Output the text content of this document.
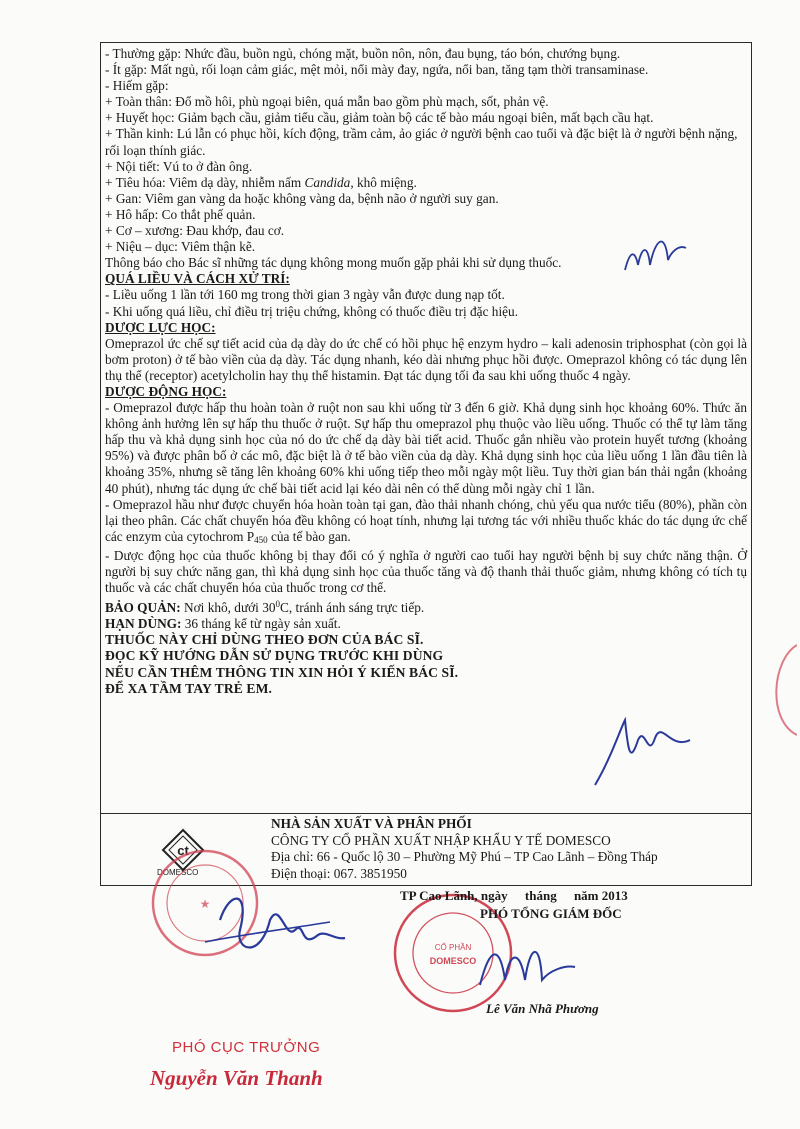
- Thường gặp: Nhức đầu, buồn ngủ, chóng mặt, buồn nôn, nôn, đau bụng, táo bón, chướng bụng.

- Ít gặp: Mất ngủ, rối loạn cảm giác, mệt mỏi, nổi mày đay, ngứa, nổi ban, tăng tạm thời transaminase.

- Hiếm gặp:

+ Toàn thân: Đổ mồ hôi, phù ngoại biên, quá mẫn bao gồm phù mạch, sốt, phản vệ.

+ Huyết học: Giảm bạch cầu, giảm tiểu cầu, giảm toàn bộ các tế bào máu ngoại biên, mất bạch cầu hạt.

+ Thần kinh: Lú lẫn có phục hồi, kích động, trầm cảm, ảo giác ở người bệnh cao tuổi và đặc biệt là ở người bệnh nặng, rối loạn thính giác.

+ Nội tiết: Vú to ở đàn ông.

+ Tiêu hóa: Viêm dạ dày, nhiễm nấm Candida, khô miệng.

+ Gan: Viêm gan vàng da hoặc không vàng da, bệnh não ở người suy gan.

+ Hô hấp: Co thắt phế quản.

+ Cơ – xương: Đau khớp, đau cơ.

+ Niệu – dục: Viêm thận kẽ.

Thông báo cho Bác sĩ những tác dụng không mong muốn gặp phải khi sử dụng thuốc.

QUÁ LIỀU VÀ CÁCH XỬ TRÍ:

- Liều uống 1 lần tới 160 mg trong thời gian 3 ngày vẫn được dung nạp tốt.

- Khi uống quá liều, chỉ điều trị triệu chứng, không có thuốc điều trị đặc hiệu.

DƯỢC LỰC HỌC:

Omeprazol ức chế sự tiết acid của dạ dày do ức chế có hồi phục hệ enzym hydro – kali adenosin triphosphat (còn gọi là bơm proton) ở tế bào viền của dạ dày. Tác dụng nhanh, kéo dài nhưng phục hồi được. Omeprazol không có tác dụng lên thụ thể (receptor) acetylcholin hay thụ thể histamin. Đạt tác dụng tối đa sau khi uống thuốc 4 ngày.

DƯỢC ĐỘNG HỌC:

- Omeprazol được hấp thu hoàn toàn ở ruột non sau khi uống từ 3 đến 6 giờ. Khả dụng sinh học khoảng 60%. Thức ăn không ảnh hưởng lên sự hấp thu thuốc ở ruột. Sự hấp thu omeprazol phụ thuộc vào liều uống. Thuốc có thể tự làm tăng hấp thu và khả dụng sinh học của nó do ức chế dạ dày bài tiết acid. Thuốc gắn nhiều vào protein huyết tương (khoảng 95%) và được phân bố ở các mô, đặc biệt là ở tế bào viền của dạ dày. Khả dụng sinh học của liều uống 1 lần đầu tiên là khoảng 35%, nhưng sẽ tăng lên khoảng 60% khi uống tiếp theo mỗi ngày một liều. Tuy thời gian bán thải ngắn (khoảng 40 phút), nhưng tác dụng ức chế bài tiết acid lại kéo dài nên có thể dùng mỗi ngày chỉ 1 lần.

- Omeprazol hầu như được chuyển hóa hoàn toàn tại gan, đào thải nhanh chóng, chủ yếu qua nước tiểu (80%), phần còn lại theo phân. Các chất chuyển hóa đều không có hoạt tính, nhưng lại tương tác với nhiều thuốc khác do tác dụng ức chế các enzym của cytochrom $P_{450}$ của tế bào gan.

- Dược động học của thuốc không bị thay đổi có ý nghĩa ở người cao tuổi hay người bệnh bị suy chức năng thận. Ở người bị suy chức năng gan, thì khả dụng sinh học của thuốc tăng và độ thanh thải thuốc giảm, nhưng không có tích tụ thuốc và các chất chuyển hóa của thuốc trong cơ thể.

BẢO QUẢN: Nơi khô, dưới $30^0C$, tránh ánh sáng trực tiếp.

HẠN DÙNG: 36 tháng kể từ ngày sản xuất.

THUỐC NÀY CHỈ DÙNG THEO ĐƠN CỦA BÁC SĨ.

ĐỌC KỸ HƯỚNG DẪN SỬ DỤNG TRƯỚC KHI DÙNG

NẾU CẦN THÊM THÔNG TIN XIN HỎI Ý KIẾN BÁC SĨ.

ĐỂ XA TẦM TAY TRẺ EM.

ct
DOMESCO
NHÀ SẢN XUẤT VÀ PHÂN PHỐI
CÔNG TY CỔ PHẦN XUẤT NHẬP KHẨU Y TẾ DOMESCO
Địa chỉ: 66 - Quốc lộ 30 – Phường Mỹ Phú – TP Cao Lãnh – Đồng Tháp
Điện thoại: 067. 3851950
★
CỔ PHẦN
DOMESCO
TP Cao Lãnh, ngày tháng năm 2013
PHÓ TỔNG GIÁM ĐỐC
Lê Văn Nhã Phương
PHÓ CỤC TRƯỞNG
Nguyễn Văn Thanh
